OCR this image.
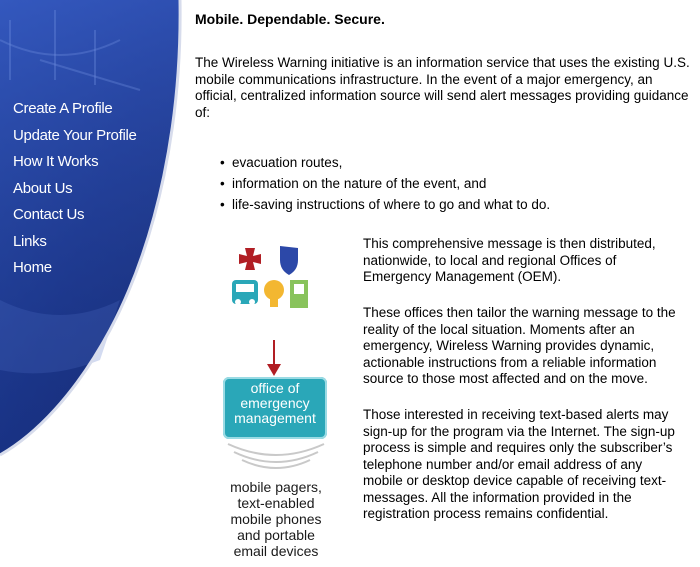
Create A Profile
Update Your Profile
How It Works
About Us
Contact Us
Links
Home
Mobile. Dependable. Secure.
The Wireless Warning initiative is an information service that uses the existing U.S. mobile communications infrastructure. In the event of a major emergency, an official, centralized information source will send alert messages providing guidance of:
• evacuation routes,
• information on the nature of the event, and
• life-saving instructions of where to go and what to do.
office of emergency management
mobile pagers, text-enabled mobile phones and portable email devices
This comprehensive message is then distributed, nationwide, to local and regional Offices of Emergency Management (OEM).
These offices then tailor the warning message to the reality of the local situation. Moments after an emergency, Wireless Warning provides dynamic, actionable instructions from a reliable information source to those most affected and on the move.
Those interested in receiving text-based alerts may sign-up for the program via the Internet. The sign-up process is simple and requires only the subscriber’s telephone number and/or email address of any mobile or desktop device capable of receiving text-messages. All the information provided in the registration process remains confidential.
